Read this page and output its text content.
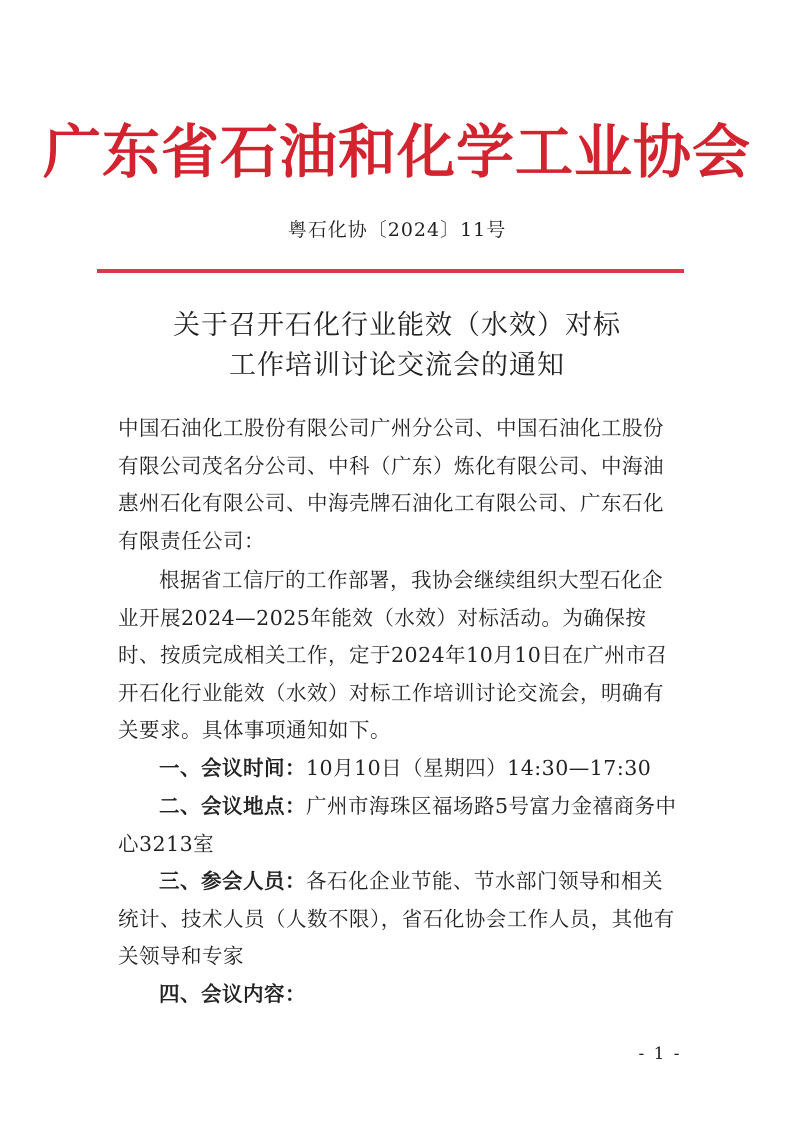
广东省石油和化学工业协会
粤石化协〔2024〕11号
关于召开石化行业能效（水效）对标
工作培训讨论交流会的通知
中国石油化工股份有限公司广州分公司、中国石油化工股份有限公司茂名分公司、中科（广东）炼化有限公司、中海油惠州石化有限公司、中海壳牌石油化工有限公司、广东石化有限责任公司：
根据省工信厅的工作部署，我协会继续组织大型石化企业开展2024—2025年能效（水效）对标活动。为确保按时、按质完成相关工作，定于2024年10月10日在广州市召开石化行业能效（水效）对标工作培训讨论交流会，明确有关要求。具体事项通知如下。
一、会议时间：10月10日（星期四）14:30—17:30
二、会议地点：广州市海珠区福场路5号富力金禧商务中心3213室
三、参会人员：各石化企业节能、节水部门领导和相关统计、技术人员（人数不限），省石化协会工作人员，其他有关领导和专家
四、会议内容：
- 1 -
